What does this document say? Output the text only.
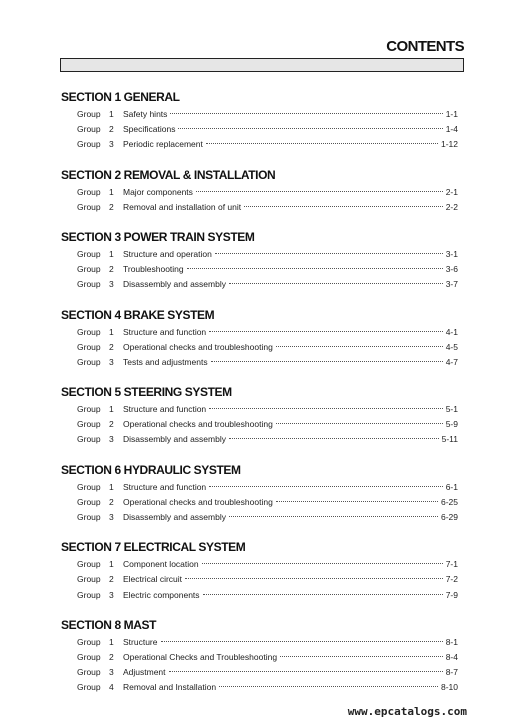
CONTENTS
SECTION 1 GENERAL
Group 1	Safety hints	1-1
Group 2	Specifications	1-4
Group 3	Periodic replacement	1-12
SECTION 2 REMOVAL & INSTALLATION
Group 1	Major components	2-1
Group 2	Removal and installation of unit	2-2
SECTION 3 POWER TRAIN SYSTEM
Group 1	Structure and operation	3-1
Group 2	Troubleshooting	3-6
Group 3	Disassembly and assembly	3-7
SECTION 4 BRAKE SYSTEM
Group 1	Structure and function	4-1
Group 2	Operational checks and troubleshooting	4-5
Group 3	Tests and adjustments	4-7
SECTION 5 STEERING SYSTEM
Group 1	Structure and function	5-1
Group 2	Operational checks and troubleshooting	5-9
Group 3	Disassembly and assembly	5-11
SECTION 6 HYDRAULIC SYSTEM
Group 1	Structure and function	6-1
Group 2	Operational checks and troubleshooting	6-25
Group 3	Disassembly and assembly	6-29
SECTION 7 ELECTRICAL SYSTEM
Group 1	Component location	7-1
Group 2	Electrical circuit	7-2
Group 3	Electric components	7-9
SECTION 8 MAST
Group 1	Structure	8-1
Group 2	Operational Checks and Troubleshooting	8-4
Group 3	Adjustment	8-7
Group 4	Removal and Installation	8-10
www.epcatalogs.com
